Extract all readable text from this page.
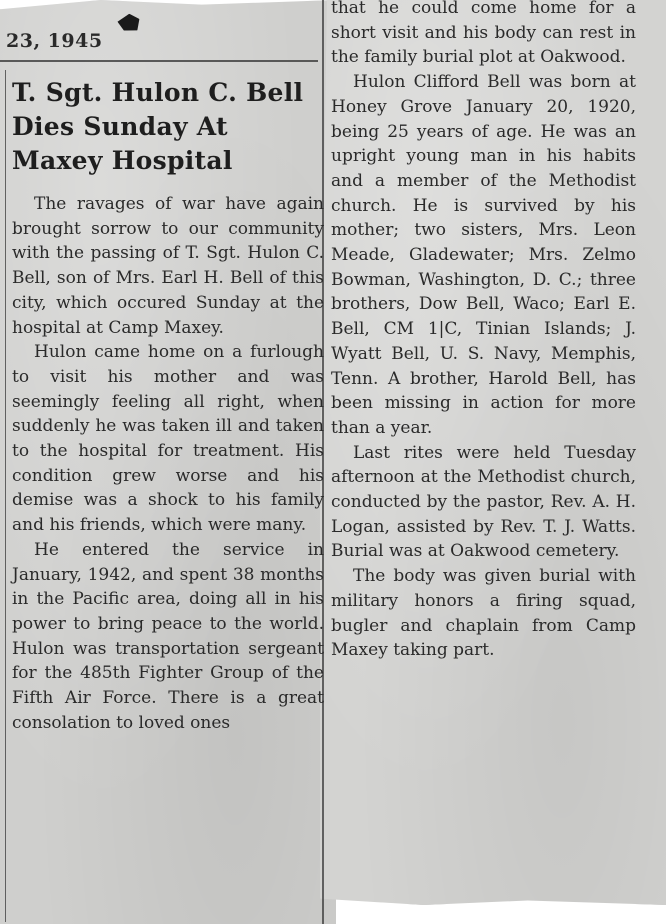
23, 1945
T. Sgt. Hulon C. Bell Dies Sunday At Maxey Hospital

The ravages of war have again brought sorrow to our community with the passing of T. Sgt. Hulon C. Bell, son of Mrs. Earl H. Bell of this city, which occured Sunday at the hospital at Camp Maxey.

Hulon came home on a furlough to visit his mother and was seemingly feeling all right, when suddenly he was taken ill and taken to the hospital for treatment. His condition grew worse and his demise was a shock to his family and his friends, which were many.

He entered the service in January, 1942, and spent 38 months in the Pacific area, doing all in his power to bring peace to the world. Hulon was transportation sergeant for the 485th Fighter Group of the Fifth Air Force. There is a great consolation to loved ones

that he could come home for a short visit and his body can rest in the family burial plot at Oakwood.

Hulon Clifford Bell was born at Honey Grove January 20, 1920, being 25 years of age. He was an upright young man in his habits and a member of the Methodist church. He is survived by his mother; two sisters, Mrs. Leon Meade, Gladewater; Mrs. Zelmo Bowman, Washington, D. C.; three brothers, Dow Bell, Waco; Earl E. Bell, CM 1|C, Tinian Islands; J. Wyatt Bell, U. S. Navy, Memphis, Tenn. A brother, Harold Bell, has been missing in action for more than a year.

Last rites were held Tuesday afternoon at the Methodist church, conducted by the pastor, Rev. A. H. Logan, assisted by Rev. T. J. Watts. Burial was at Oakwood cemetery.

The body was given burial with military honors a firing squad, bugler and chaplain from Camp Maxey taking part.
